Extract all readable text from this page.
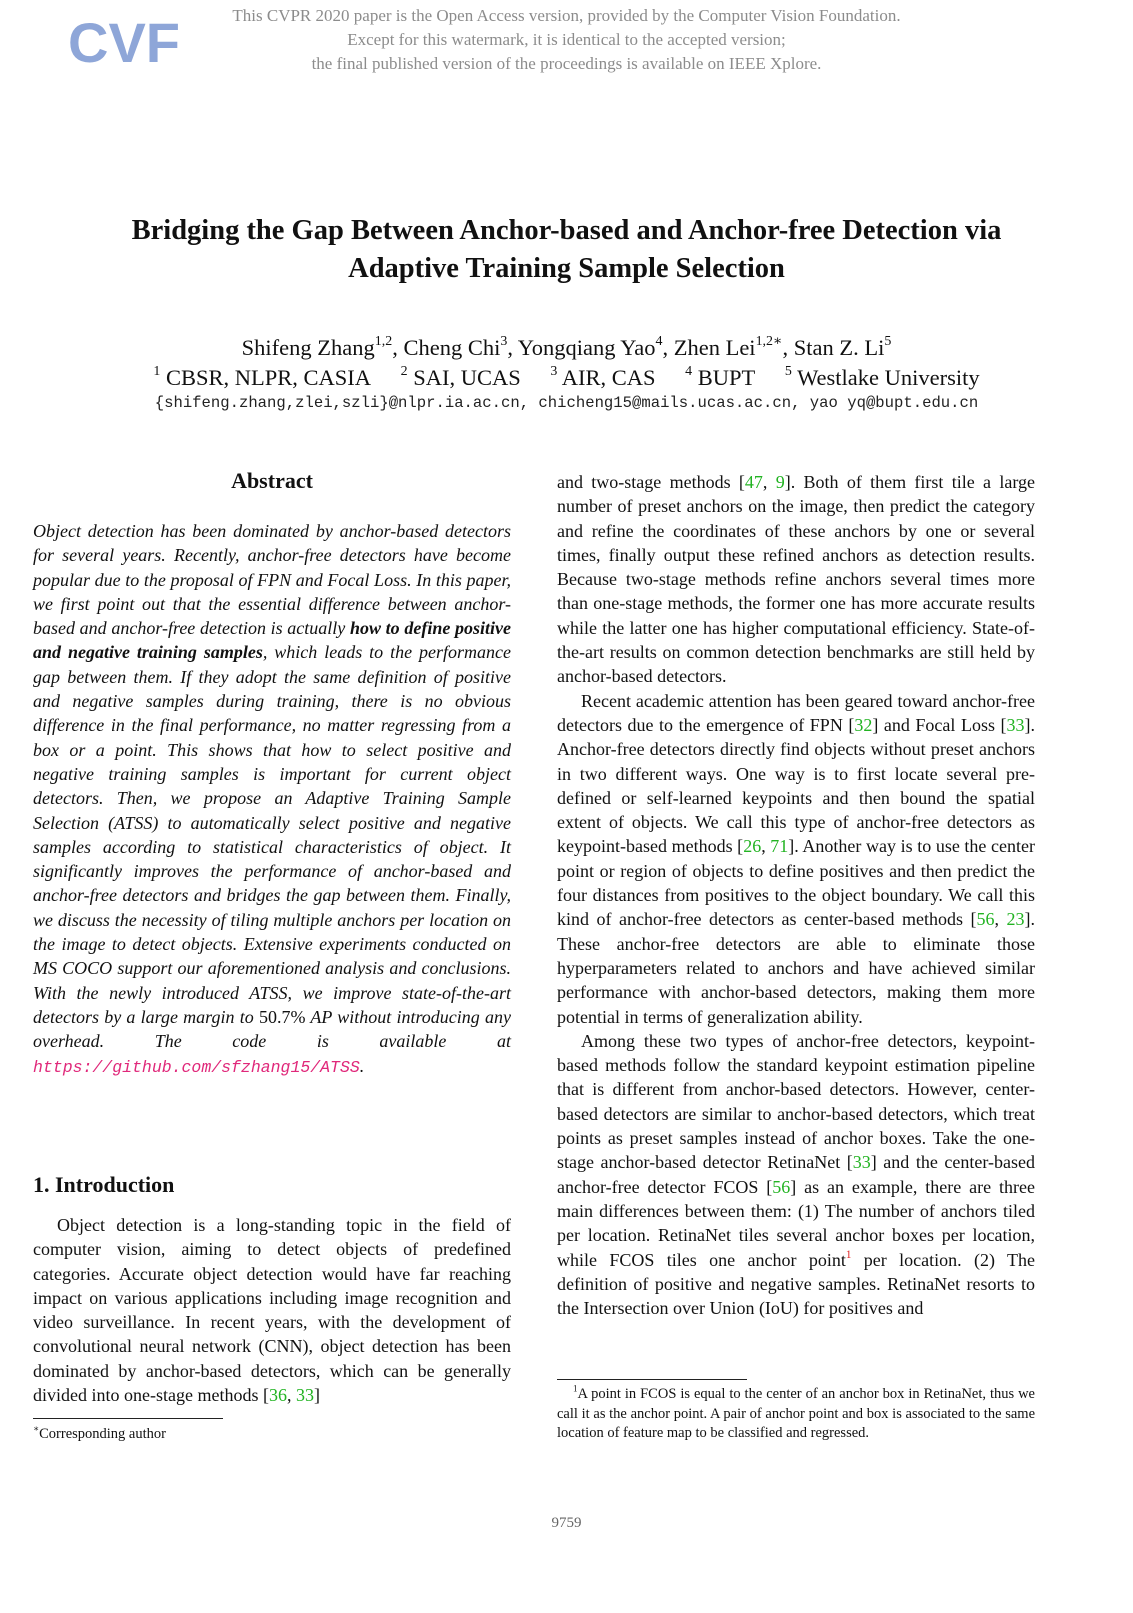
CVF	This CVPR 2020 paper is the Open Access version, provided by the Computer Vision Foundation.
Except for this watermark, it is identical to the accepted version;
the final published version of the proceedings is available on IEEE Xplore.
Bridging the Gap Between Anchor-based and Anchor-free Detection via
Adaptive Training Sample Selection
Shifeng Zhang$^{1,2}$, Cheng Chi$^3$, Yongqiang Yao$^4$, Zhen Lei$^{1,2∗}$, Stan Z. Li$^5$
$^1$ CBSR, NLPR, CASIA $^2$ SAI, UCAS $^3$ AIR, CAS $^4$ BUPT $^5$ Westlake University
{shifeng.zhang,zlei,szli}@nlpr.ia.ac.cn, chicheng15@mails.ucas.ac.cn, yao yq@bupt.edu.cn
Abstract

Object detection has been dominated by anchor-based detectors for several years. Recently, anchor-free detectors have become popular due to the proposal of FPN and Focal Loss. In this paper, we first point out that the essential difference between anchor-based and anchor-free detection is actually how to define positive and negative training samples, which leads to the performance gap between them. If they adopt the same definition of positive and negative samples during training, there is no obvious difference in the final performance, no matter regressing from a box or a point. This shows that how to select positive and negative training samples is important for current object detectors. Then, we propose an Adaptive Training Sample Selection (ATSS) to automatically select positive and negative samples according to statistical characteristics of object. It significantly improves the performance of anchor-based and anchor-free detectors and bridges the gap between them. Finally, we discuss the necessity of tiling multiple anchors per location on the image to detect objects. Extensive experiments conducted on MS COCO support our aforementioned analysis and conclusions. With the newly introduced ATSS, we improve state-of-the-art detectors by a large margin to 50.7% AP without introducing any overhead. The code is available at https://github.com/sfzhang15/ATSS.

1. Introduction

Object detection is a long-standing topic in the field of computer vision, aiming to detect objects of predefined categories. Accurate object detection would have far reaching impact on various applications including image recognition and video surveillance. In recent years, with the development of convolutional neural network (CNN), object detection has been dominated by anchor-based detectors, which can be generally divided into one-stage methods [36, 33]

and two-stage methods [47, 9]. Both of them first tile a large number of preset anchors on the image, then predict the category and refine the coordinates of these anchors by one or several times, finally output these refined anchors as detection results. Because two-stage methods refine anchors several times more than one-stage methods, the former one has more accurate results while the latter one has higher computational efficiency. State-of-the-art results on common detection benchmarks are still held by anchor-based detectors.

Recent academic attention has been geared toward anchor-free detectors due to the emergence of FPN [32] and Focal Loss [33]. Anchor-free detectors directly find objects without preset anchors in two different ways. One way is to first locate several pre-defined or self-learned keypoints and then bound the spatial extent of objects. We call this type of anchor-free detectors as keypoint-based methods [26, 71]. Another way is to use the center point or region of objects to define positives and then predict the four distances from positives to the object boundary. We call this kind of anchor-free detectors as center-based methods [56, 23]. These anchor-free detectors are able to eliminate those hyperparameters related to anchors and have achieved similar performance with anchor-based detectors, making them more potential in terms of generalization ability.

Among these two types of anchor-free detectors, keypoint-based methods follow the standard keypoint estimation pipeline that is different from anchor-based detectors. However, center-based detectors are similar to anchor-based detectors, which treat points as preset samples instead of anchor boxes. Take the one-stage anchor-based detector RetinaNet [33] and the center-based anchor-free detector FCOS [56] as an example, there are three main differences between them: (1) The number of anchors tiled per location. RetinaNet tiles several anchor boxes per location, while FCOS tiles one anchor point$^1$ per location. (2) The definition of positive and negative samples. RetinaNet resorts to the Intersection over Union (IoU) for positives and

∗Corresponding author

$^1$A point in FCOS is equal to the center of an anchor box in RetinaNet, thus we call it as the anchor point. A pair of anchor point and box is associated to the same location of feature map to be classified and regressed.

9759
